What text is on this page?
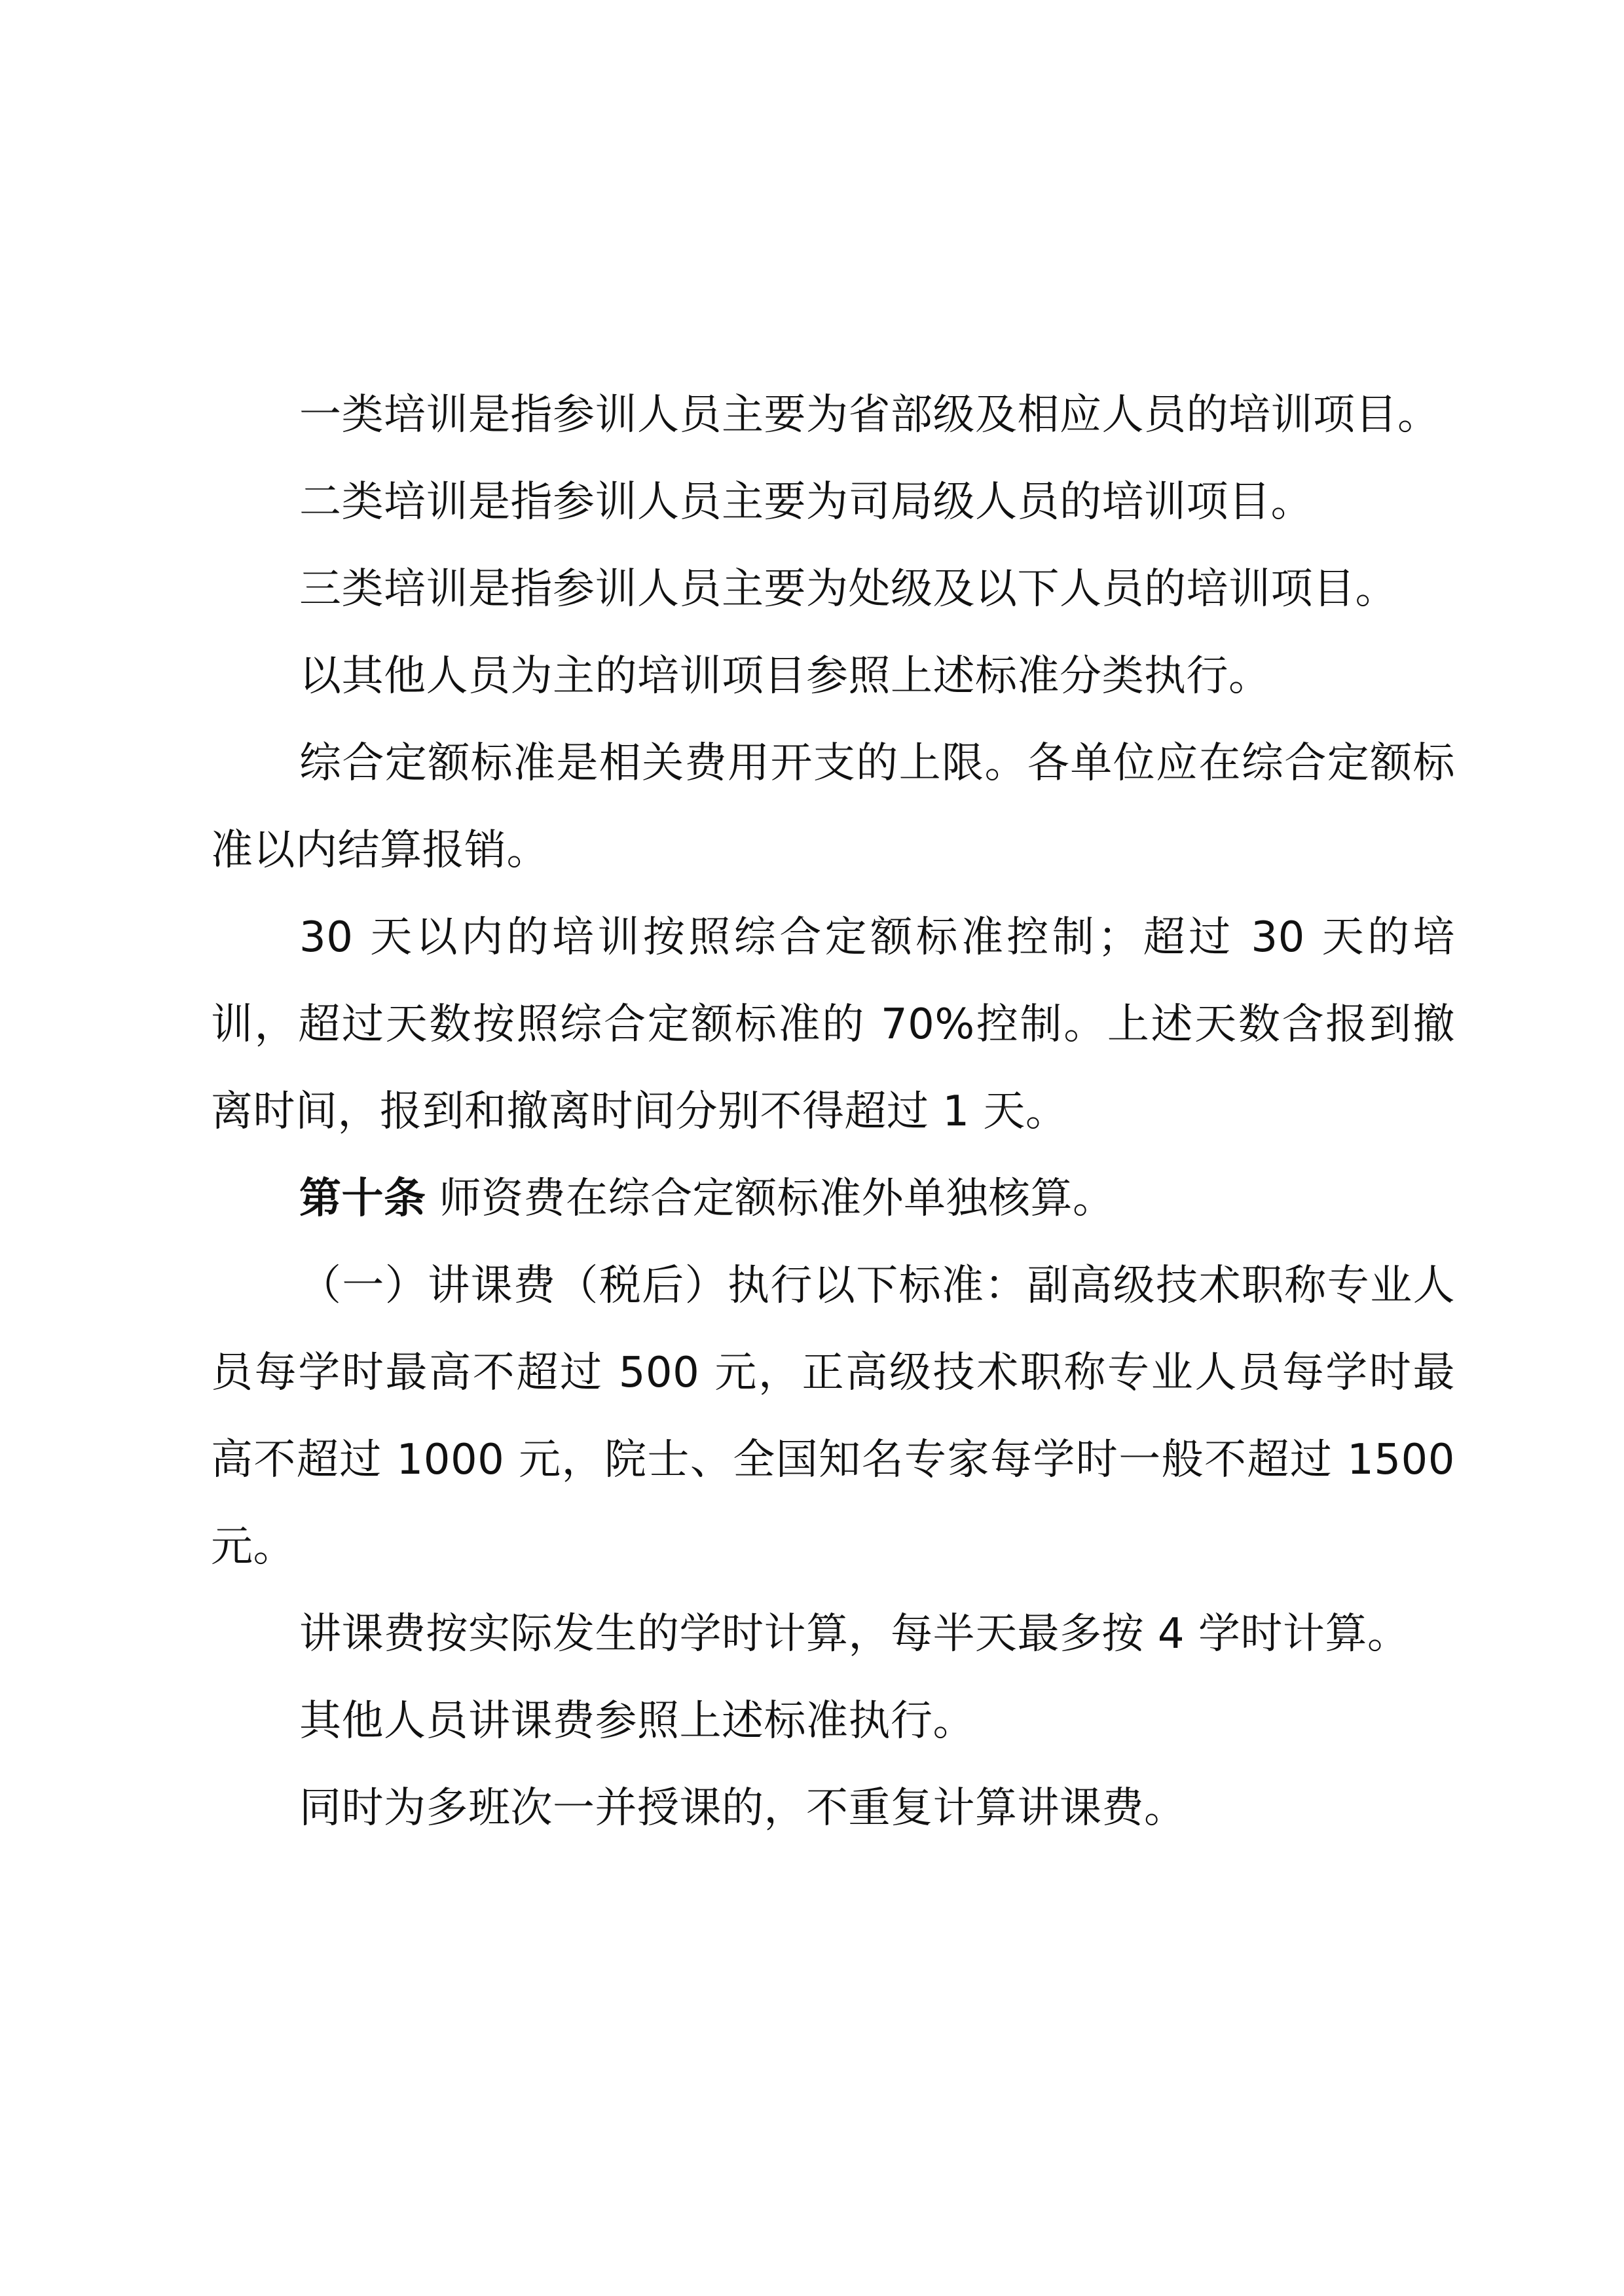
一类培训是指参训人员主要为省部级及相应人员的培训项目。

二类培训是指参训人员主要为司局级人员的培训项目。

三类培训是指参训人员主要为处级及以下人员的培训项目。

以其他人员为主的培训项目参照上述标准分类执行。

综合定额标准是相关费用开支的上限。各单位应在综合定额标准以内结算报销。

30 天以内的培训按照综合定额标准控制；超过 30 天的培训，超过天数按照综合定额标准的 70%控制。上述天数含报到撤离时间，报到和撤离时间分别不得超过 1 天。

第十条 师资费在综合定额标准外单独核算。

（一）讲课费（税后）执行以下标准：副高级技术职称专业人员每学时最高不超过 500 元，正高级技术职称专业人员每学时最高不超过 1000 元，院士、全国知名专家每学时一般不超过 1500 元。

讲课费按实际发生的学时计算，每半天最多按 4 学时计算。

其他人员讲课费参照上述标准执行。

同时为多班次一并授课的，不重复计算讲课费。
